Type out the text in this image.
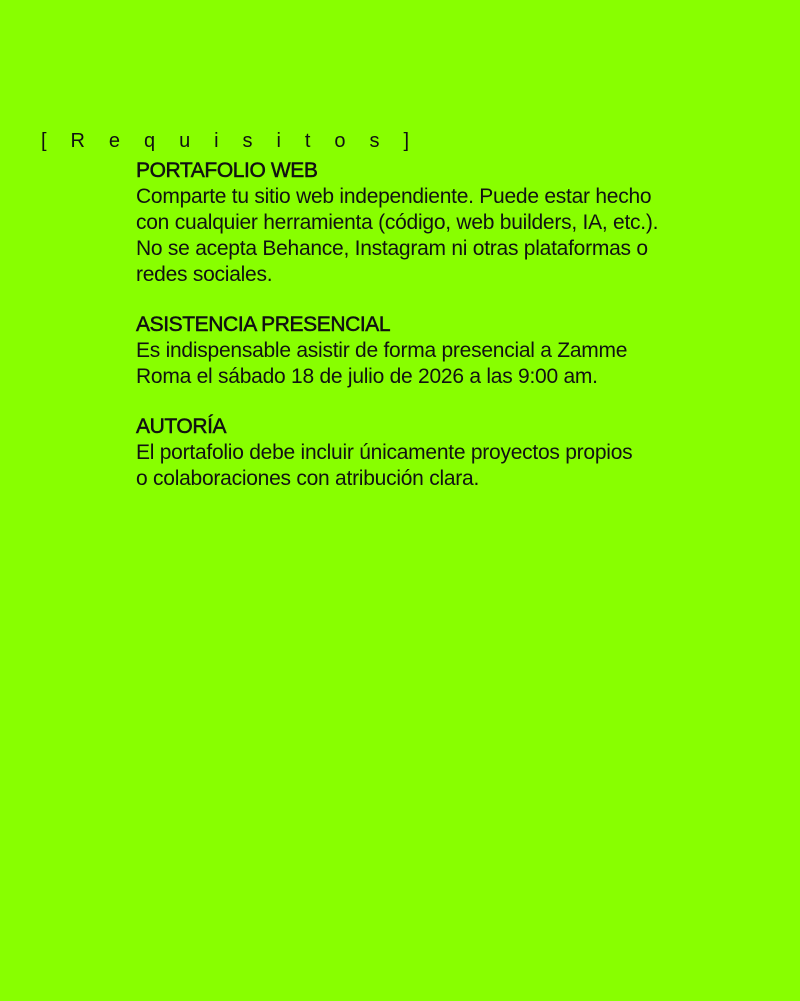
[ R e q u i s i t o s ]
PORTAFOLIO WEB
Comparte tu sitio web independiente. Puede estar hecho
con cualquier herramienta (código, web builders, IA, etc.).
No se acepta Behance, Instagram ni otras plataformas o
redes sociales.
ASISTENCIA PRESENCIAL
Es indispensable asistir de forma presencial a Zamme
Roma el sábado 18 de julio de 2026 a las 9:00 am.
AUTORÍA
El portafolio debe incluir únicamente proyectos propios
o colaboraciones con atribución clara.
